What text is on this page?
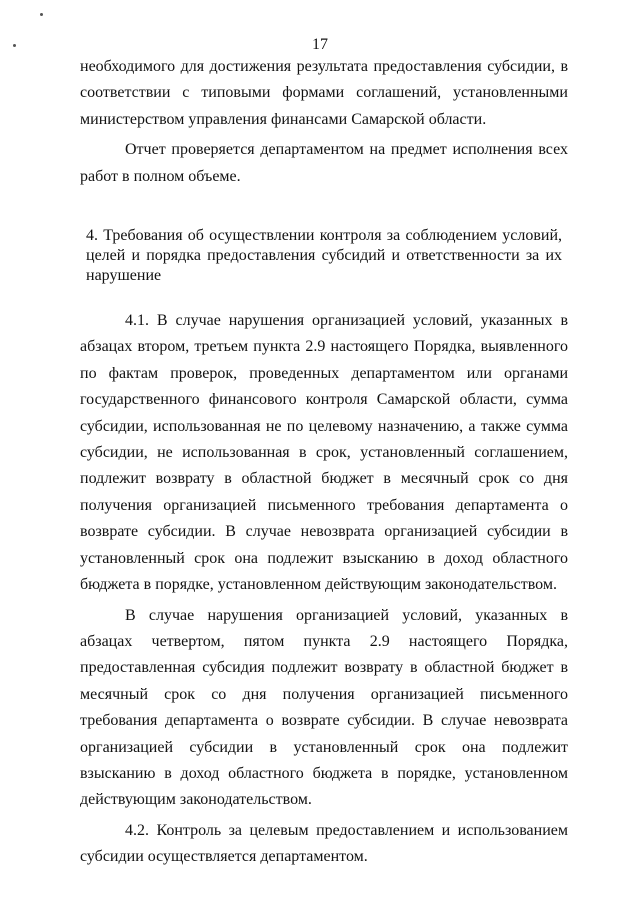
17

необходимого для достижения результата предоставления субсидии, в соответствии с типовыми формами соглашений, установленными министерством управления финансами Самарской области.

Отчет проверяется департаментом на предмет исполнения всех работ в полном объеме.

4. Требования об осуществлении контроля за соблюдением условий, целей и порядка предоставления субсидий и ответственности за их нарушение

4.1. В случае нарушения организацией условий, указанных в абзацах втором, третьем пункта 2.9 настоящего Порядка, выявленного по фактам проверок, проведенных департаментом или органами государственного финансового контроля Самарской области, сумма субсидии, использованная не по целевому назначению, а также сумма субсидии, не использованная в срок, установленный соглашением, подлежит возврату в областной бюджет в месячный срок со дня получения организацией письменного требования департамента о возврате субсидии. В случае невозврата организацией субсидии в установленный срок она подлежит взысканию в доход областного бюджета в порядке, установленном действующим законодательством.

В случае нарушения организацией условий, указанных в абзацах четвертом, пятом пункта 2.9 настоящего Порядка, предоставленная субсидия подлежит возврату в областной бюджет в месячный срок со дня получения организацией письменного требования департамента о возврате субсидии. В случае невозврата организацией субсидии в установленный срок она подлежит взысканию в доход областного бюджета в порядке, установленном действующим законодательством.

4.2. Контроль за целевым предоставлением и использованием субсидии осуществляется департаментом.
